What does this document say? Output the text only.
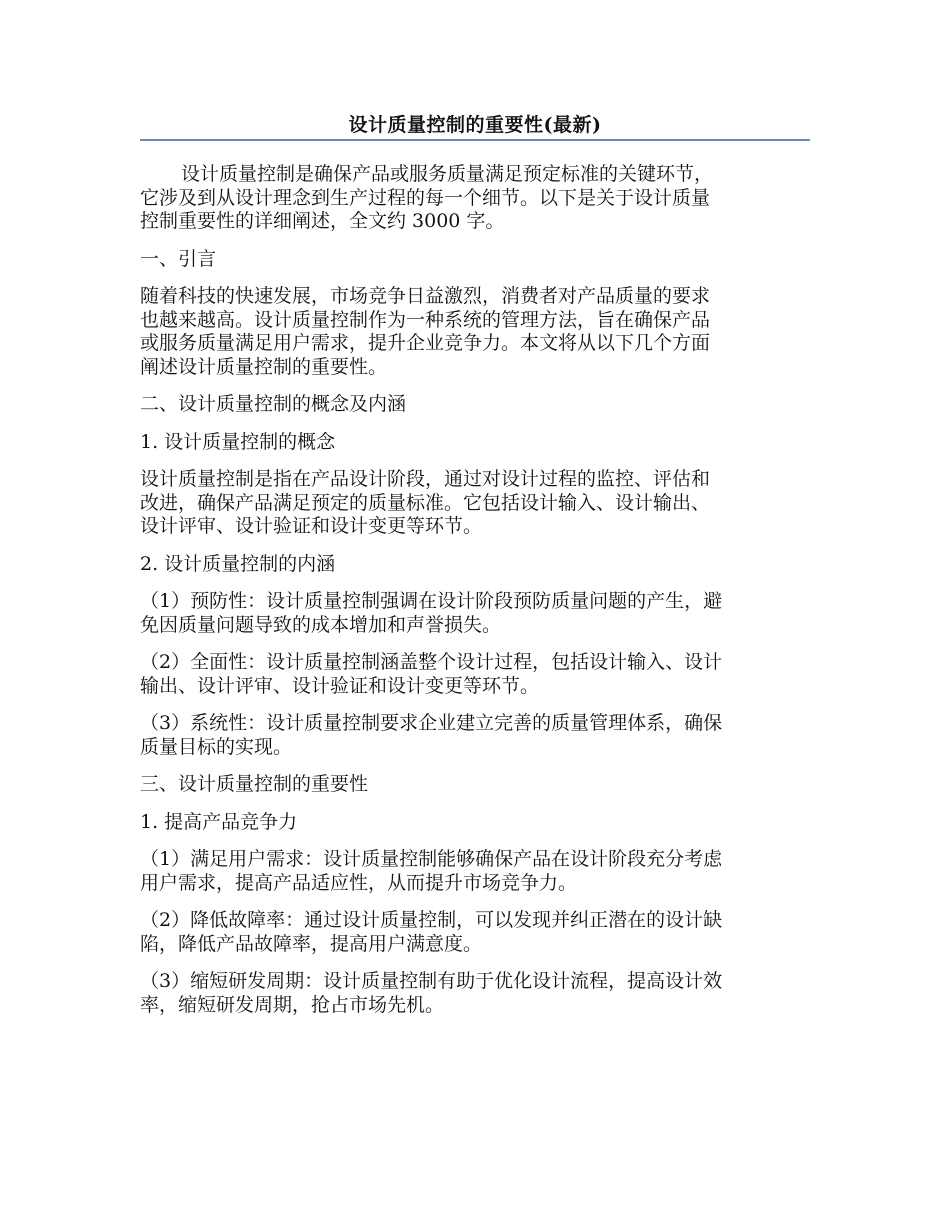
设计质量控制的重要性(最新)
设计质量控制是确保产品或服务质量满足预定标准的关键环节，
它涉及到从设计理念到生产过程的每一个细节。以下是关于设计质量
控制重要性的详细阐述，全文约 3000 字。
一、引言
随着科技的快速发展，市场竞争日益激烈，消费者对产品质量的要求
也越来越高。设计质量控制作为一种系统的管理方法，旨在确保产品
或服务质量满足用户需求，提升企业竞争力。本文将从以下几个方面
阐述设计质量控制的重要性。
二、设计质量控制的概念及内涵
1. 设计质量控制的概念
设计质量控制是指在产品设计阶段，通过对设计过程的监控、评估和
改进，确保产品满足预定的质量标准。它包括设计输入、设计输出、
设计评审、设计验证和设计变更等环节。
2. 设计质量控制的内涵
（1）预防性：设计质量控制强调在设计阶段预防质量问题的产生，避
免因质量问题导致的成本增加和声誉损失。
（2）全面性：设计质量控制涵盖整个设计过程，包括设计输入、设计
输出、设计评审、设计验证和设计变更等环节。
（3）系统性：设计质量控制要求企业建立完善的质量管理体系，确保
质量目标的实现。
三、设计质量控制的重要性
1. 提高产品竞争力
（1）满足用户需求：设计质量控制能够确保产品在设计阶段充分考虑
用户需求，提高产品适应性，从而提升市场竞争力。
（2）降低故障率：通过设计质量控制，可以发现并纠正潜在的设计缺
陷，降低产品故障率，提高用户满意度。
（3）缩短研发周期：设计质量控制有助于优化设计流程，提高设计效
率，缩短研发周期，抢占市场先机。
